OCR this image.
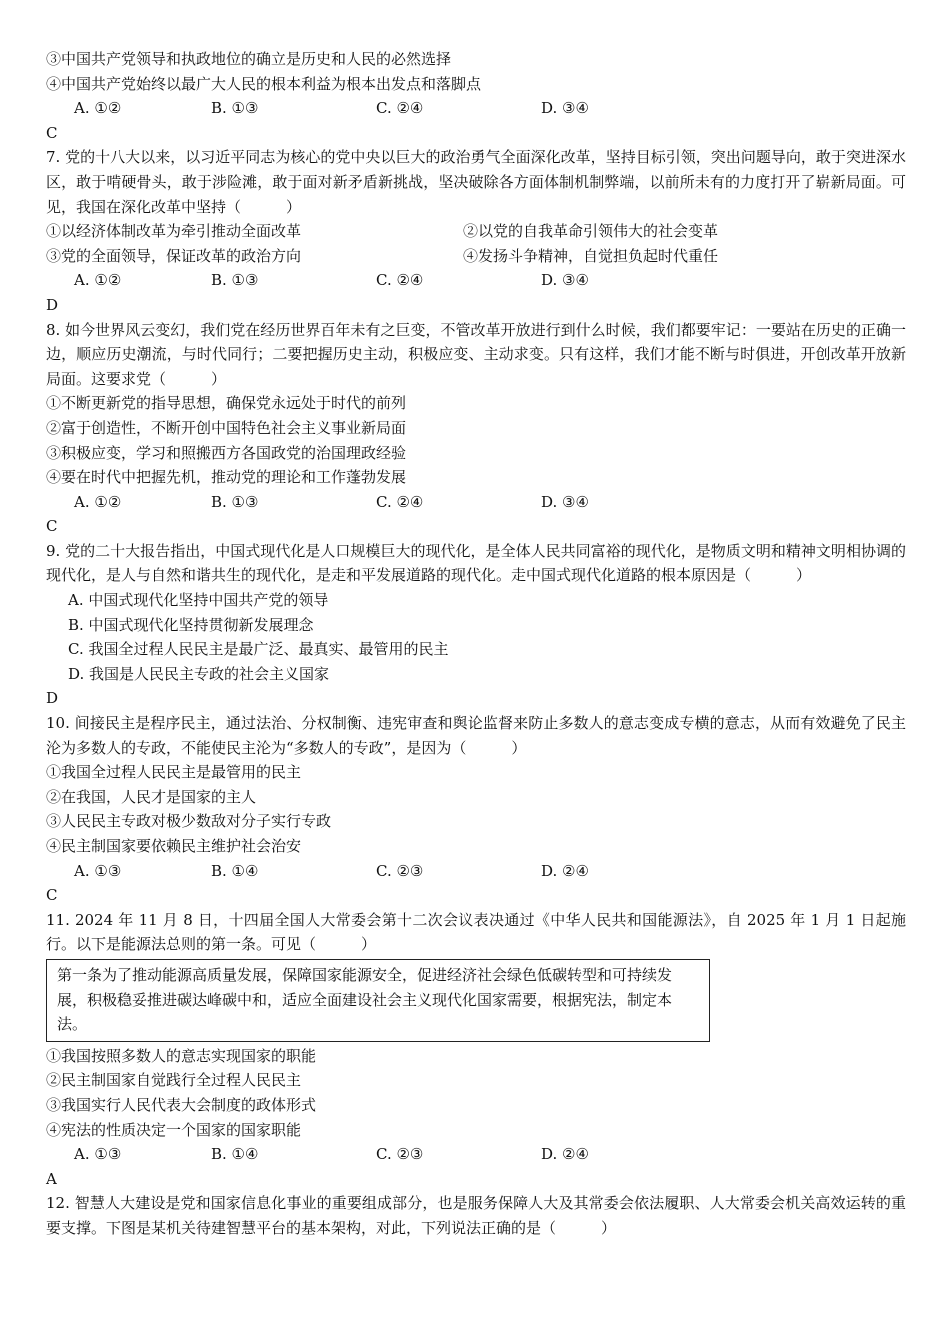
③中国共产党领导和执政地位的确立是历史和人民的必然选择
④中国共产党始终以最广大人民的根本利益为根本出发点和落脚点
A. ①②	B. ①③	C. ②④	D. ③④
C
7. 党的十八大以来，以习近平同志为核心的党中央以巨大的政治勇气全面深化改革，坚持目标引领，突出问题导向，敢于突进深水区，敢于啃硬骨头，敢于涉险滩，敢于面对新矛盾新挑战，坚决破除各方面体制机制弊端，以前所未有的力度打开了崭新局面。可见，我国在深化改革中坚持（　　　）
①以经济体制改革为牵引推动全面改革	②以党的自我革命引领伟大的社会变革
③党的全面领导，保证改革的政治方向	④发扬斗争精神，自觉担负起时代重任
A. ①②	B. ①③	C. ②④	D. ③④
D
8. 如今世界风云变幻，我们党在经历世界百年未有之巨变，不管改革开放进行到什么时候，我们都要牢记：一要站在历史的正确一边，顺应历史潮流，与时代同行；二要把握历史主动，积极应变、主动求变。只有这样，我们才能不断与时俱进，开创改革开放新局面。这要求党（　　　）
①不断更新党的指导思想，确保党永远处于时代的前列
②富于创造性，不断开创中国特色社会主义事业新局面
③积极应变，学习和照搬西方各国政党的治国理政经验
④要在时代中把握先机，推动党的理论和工作蓬勃发展
A. ①②	B. ①③	C. ②④	D. ③④
C
9. 党的二十大报告指出，中国式现代化是人口规模巨大的现代化，是全体人民共同富裕的现代化，是物质文明和精神文明相协调的现代化，是人与自然和谐共生的现代化，是走和平发展道路的现代化。走中国式现代化道路的根本原因是（　　　）
A. 中国式现代化坚持中国共产党的领导
B. 中国式现代化坚持贯彻新发展理念
C. 我国全过程人民民主是最广泛、最真实、最管用的民主
D. 我国是人民民主专政的社会主义国家
D
10. 间接民主是程序民主，通过法治、分权制衡、违宪审查和舆论监督来防止多数人的意志变成专横的意志，从而有效避免了民主沦为多数人的专政，不能使民主沦为“多数人的专政”，是因为（　　　）
①我国全过程人民民主是最管用的民主
②在我国，人民才是国家的主人
③人民民主专政对极少数敌对分子实行专政
④民主制国家要依赖民主维护社会治安
A. ①③	B. ①④	C. ②③	D. ②④
C
11. 2024 年 11 月 8 日，十四届全国人大常委会第十二次会议表决通过《中华人民共和国能源法》，自 2025 年 1 月 1 日起施行。以下是能源法总则的第一条。可见（　　　）
第一条为了推动能源高质量发展，保障国家能源安全，促进经济社会绿色低碳转型和可持续发展，积极稳妥推进碳达峰碳中和，适应全面建设社会主义现代化国家需要，根据宪法，制定本法。
①我国按照多数人的意志实现国家的职能
②民主制国家自觉践行全过程人民民主
③我国实行人民代表大会制度的政体形式
④宪法的性质决定一个国家的国家职能
A. ①③	B. ①④	C. ②③	D. ②④
A
12. 智慧人大建设是党和国家信息化事业的重要组成部分，也是服务保障人大及其常委会依法履职、人大常委会机关高效运转的重要支撑。下图是某机关待建智慧平台的基本架构，对此，下列说法正确的是（　　　）
